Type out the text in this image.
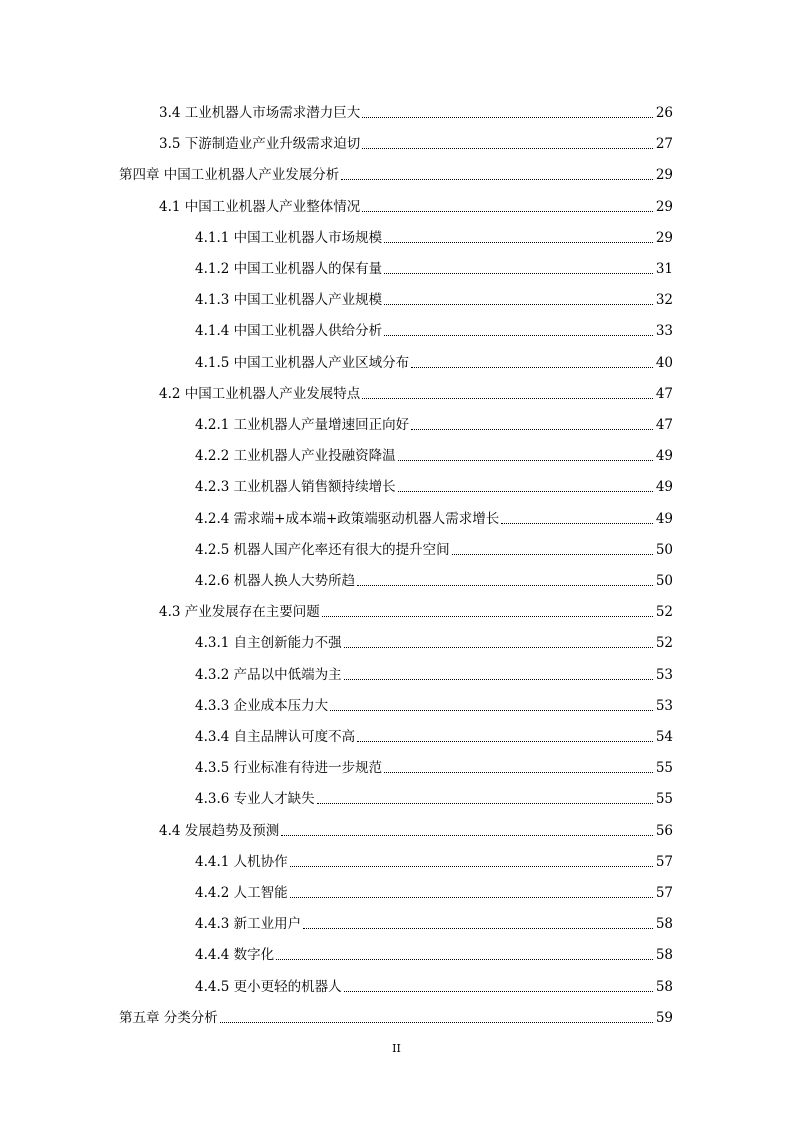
3.4 工业机器人市场需求潜力巨大	26
3.5 下游制造业产业升级需求迫切	27
第四章 中国工业机器人产业发展分析	29
4.1 中国工业机器人产业整体情况	29
4.1.1 中国工业机器人市场规模	29
4.1.2 中国工业机器人的保有量	31
4.1.3 中国工业机器人产业规模	32
4.1.4 中国工业机器人供给分析	33
4.1.5 中国工业机器人产业区域分布	40
4.2 中国工业机器人产业发展特点	47
4.2.1 工业机器人产量增速回正向好	47
4.2.2 工业机器人产业投融资降温	49
4.2.3 工业机器人销售额持续增长	49
4.2.4 需求端+成本端+政策端驱动机器人需求增长	49
4.2.5 机器人国产化率还有很大的提升空间	50
4.2.6 机器人换人大势所趋	50
4.3 产业发展存在主要问题	52
4.3.1 自主创新能力不强	52
4.3.2 产品以中低端为主	53
4.3.3 企业成本压力大	53
4.3.4 自主品牌认可度不高	54
4.3.5 行业标准有待进一步规范	55
4.3.6 专业人才缺失	55
4.4 发展趋势及预测	56
4.4.1 人机协作	57
4.4.2 人工智能	57
4.4.3 新工业用户	58
4.4.4 数字化	58
4.4.5 更小更轻的机器人	58
第五章 分类分析	59
II
